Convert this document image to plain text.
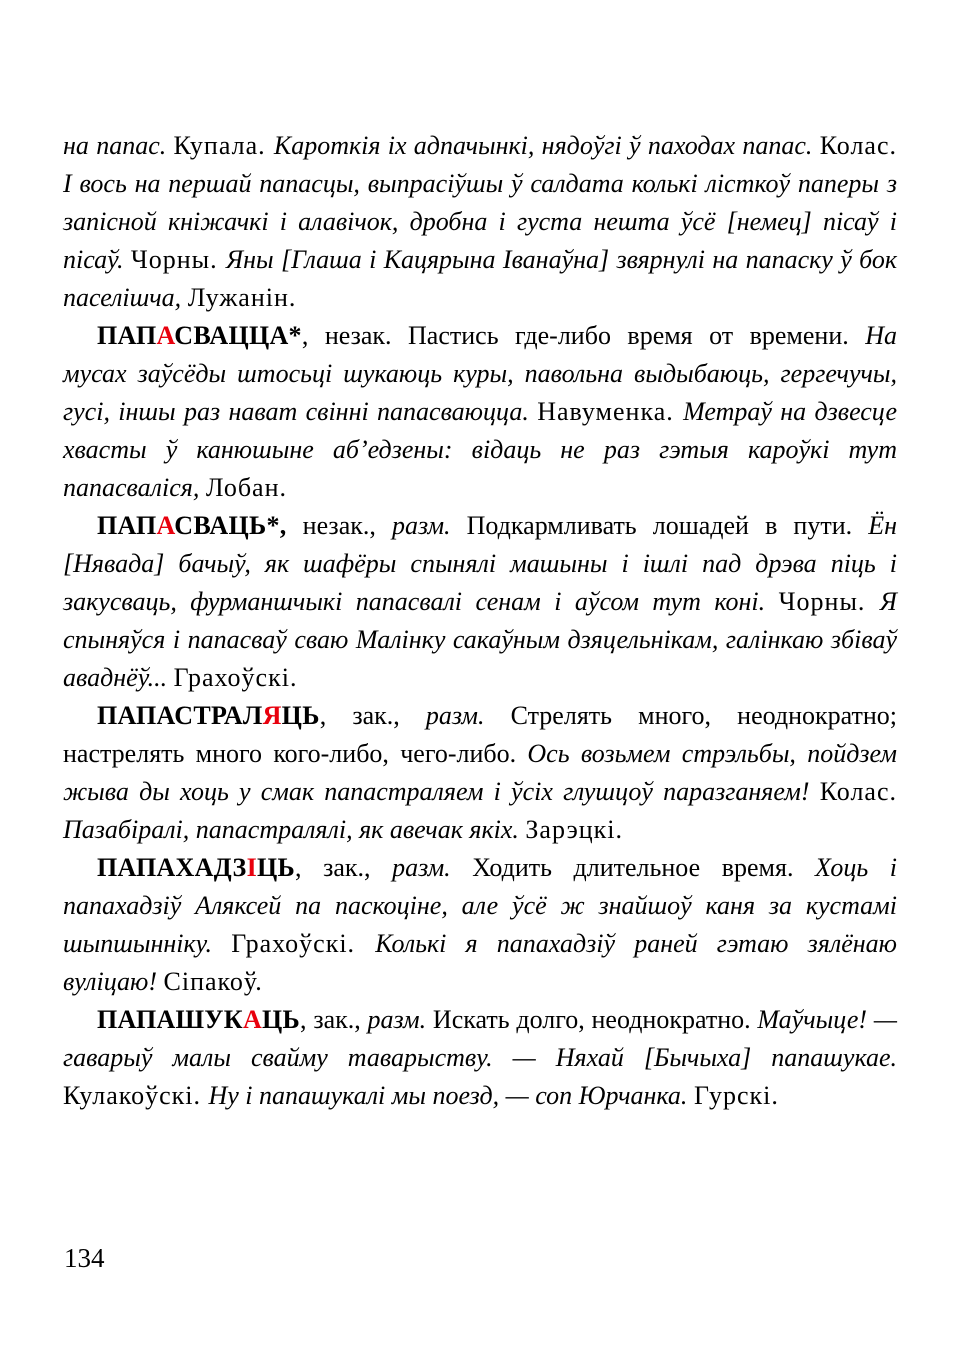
на папас. Купала. Кароткія іх адпачынкі, нядоўгі ў паходах папас. Колас. І вось на першай папасцы, выпрасіўшы ў салдата колькі лісткоў паперы з запісной кніжачкі і алавічок, дробна і густа нешта ўсё [немец] пісаў і пісаў. Чорны. Яны [Глаша і Кацярына Іванаўна] звярнулі на папаску ў бок паселішча, Лужанін.

ПАПАСВАЦЦА*, незак. Пастись где-либо время от времени. На мусах заўсёды штосьці шукаюць куры, павольна выдыбаюць, гергечучы, гусі, іншы раз нават свінні папасваюцца. Навуменка. Метраў на дзвесце хвасты ў канюшыне аб’едзены: відаць не раз гэтыя кароўкі тут папасваліся, Лобан.

ПАПАСВАЦЬ*, незак., разм. Подкармливать лошадей в пути. Ён [Нявада] бачыў, як шафёры спынялі машыны і ішлі пад дрэва піць і закусваць, фурманшчыкі папасвалі сенам і аўсом тут коні. Чорны. Я спыняўся і папасваў сваю Малінку сакаўным дзяцельнікам, галінкаю збіваў аваднёў... Грахоўскі.

ПАПАСТРАЛЯЦЬ, зак., разм. Стрелять много, неоднократно; настрелять много кого-либо, чего-либо. Ось возьмем стрэльбы, пойдзем жыва ды хоць у смак папастраляем і ўсіх глушцоў паразганяем! Колас. Пазабіралі, папастралялі, як авечак якіх. Зарэцкі.

ПАПАХАДЗІЦЬ, зак., разм. Ходить длительное время. Хоць і папахадзіў Аляксей па паскоціне, але ўсё ж знайшоў каня за кустамі шыпшынніку. Грахоўскі. Колькі я папахадзіў раней гэтаю зялёнаю вуліцаю! Сіпакоў.

ПАПАШУКАЦЬ, зак., разм. Искать долго, неоднократно. Маўчыце! — гаварыў малы свайму таварыству. — Няхай [Бычыха] папашукае. Кулакоўскі. Ну і папашукалі мы поезд, — соп Юрчанка. Гурскі.

134
